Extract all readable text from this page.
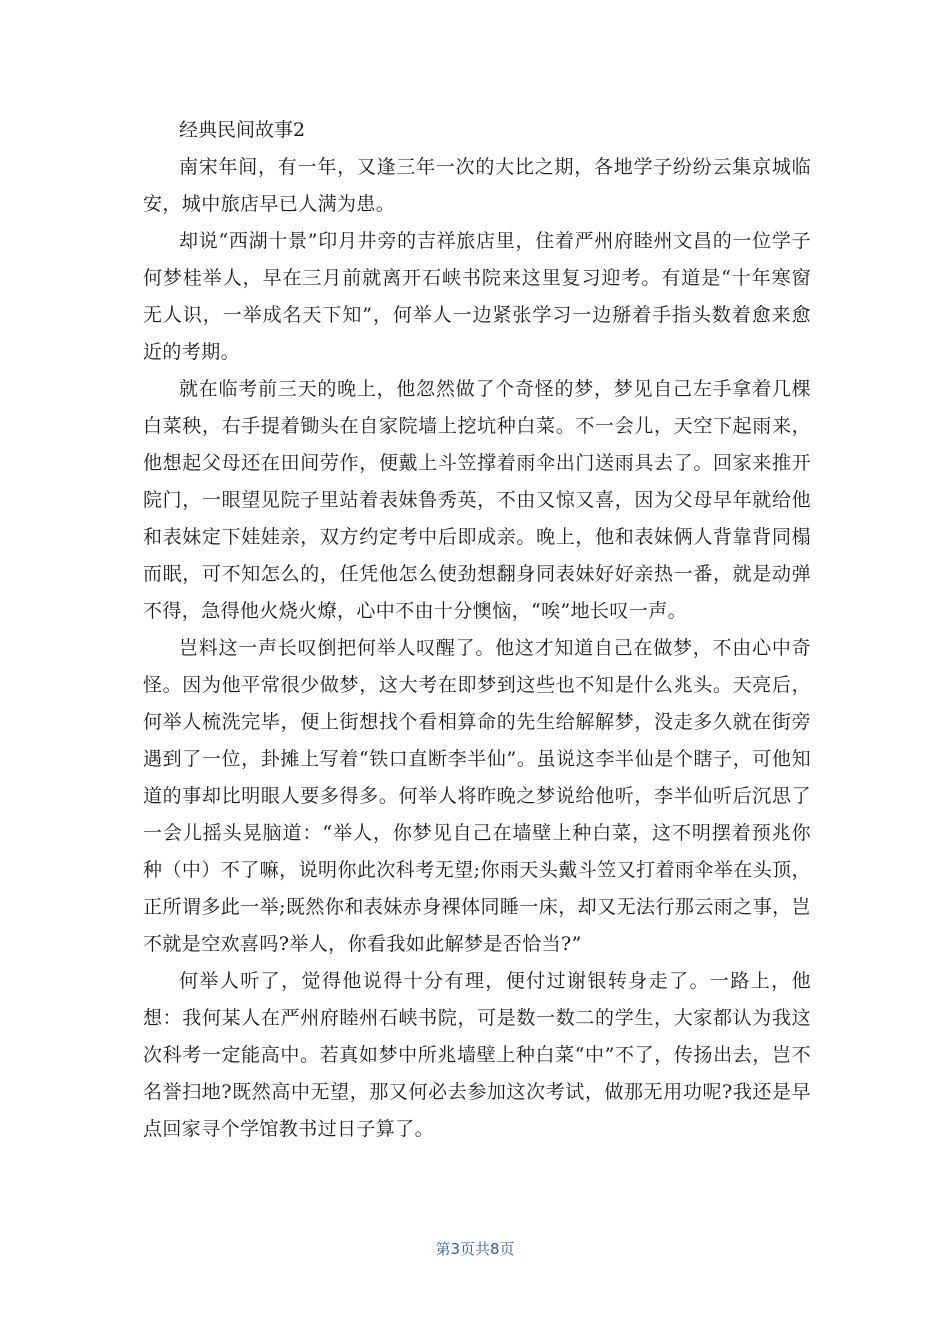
经典民间故事2

南宋年间，有一年，又逢三年一次的大比之期，各地学子纷纷云集京城临安，城中旅店早已人满为患。

却说“西湖十景”印月井旁的吉祥旅店里，住着严州府睦州文昌的一位学子何梦桂举人，早在三月前就离开石峡书院来这里复习迎考。有道是“十年寒窗无人识，一举成名天下知”，何举人一边紧张学习一边掰着手指头数着愈来愈近的考期。

就在临考前三天的晚上，他忽然做了个奇怪的梦，梦见自己左手拿着几棵白菜秧，右手提着锄头在自家院墙上挖坑种白菜。不一会儿，天空下起雨来，他想起父母还在田间劳作，便戴上斗笠撑着雨伞出门送雨具去了。回家来推开院门，一眼望见院子里站着表妹鲁秀英，不由又惊又喜，因为父母早年就给他和表妹定下娃娃亲，双方约定考中后即成亲。晚上，他和表妹俩人背靠背同榻而眠，可不知怎么的，任凭他怎么使劲想翻身同表妹好好亲热一番，就是动弹不得，急得他火烧火燎，心中不由十分懊恼，“唉”地长叹一声。

岂料这一声长叹倒把何举人叹醒了。他这才知道自己在做梦，不由心中奇怪。因为他平常很少做梦，这大考在即梦到这些也不知是什么兆头。天亮后，何举人梳洗完毕，便上街想找个看相算命的先生给解解梦，没走多久就在街旁遇到了一位，卦摊上写着“铁口直断李半仙”。虽说这李半仙是个瞎子，可他知道的事却比明眼人要多得多。何举人将昨晚之梦说给他听，李半仙听后沉思了一会儿摇头晃脑道：“举人，你梦见自己在墙壁上种白菜，这不明摆着预兆你种（中）不了嘛，说明你此次科考无望;你雨天头戴斗笠又打着雨伞举在头顶，正所谓多此一举;既然你和表妹赤身裸体同睡一床，却又无法行那云雨之事，岂不就是空欢喜吗?举人，你看我如此解梦是否恰当?”

何举人听了，觉得他说得十分有理，便付过谢银转身走了。一路上，他想：我何某人在严州府睦州石峡书院，可是数一数二的学生，大家都认为我这次科考一定能高中。若真如梦中所兆墙壁上种白菜“中”不了，传扬出去，岂不名誉扫地?既然高中无望，那又何必去参加这次考试，做那无用功呢?我还是早点回家寻个学馆教书过日子算了。

第3页共8页
